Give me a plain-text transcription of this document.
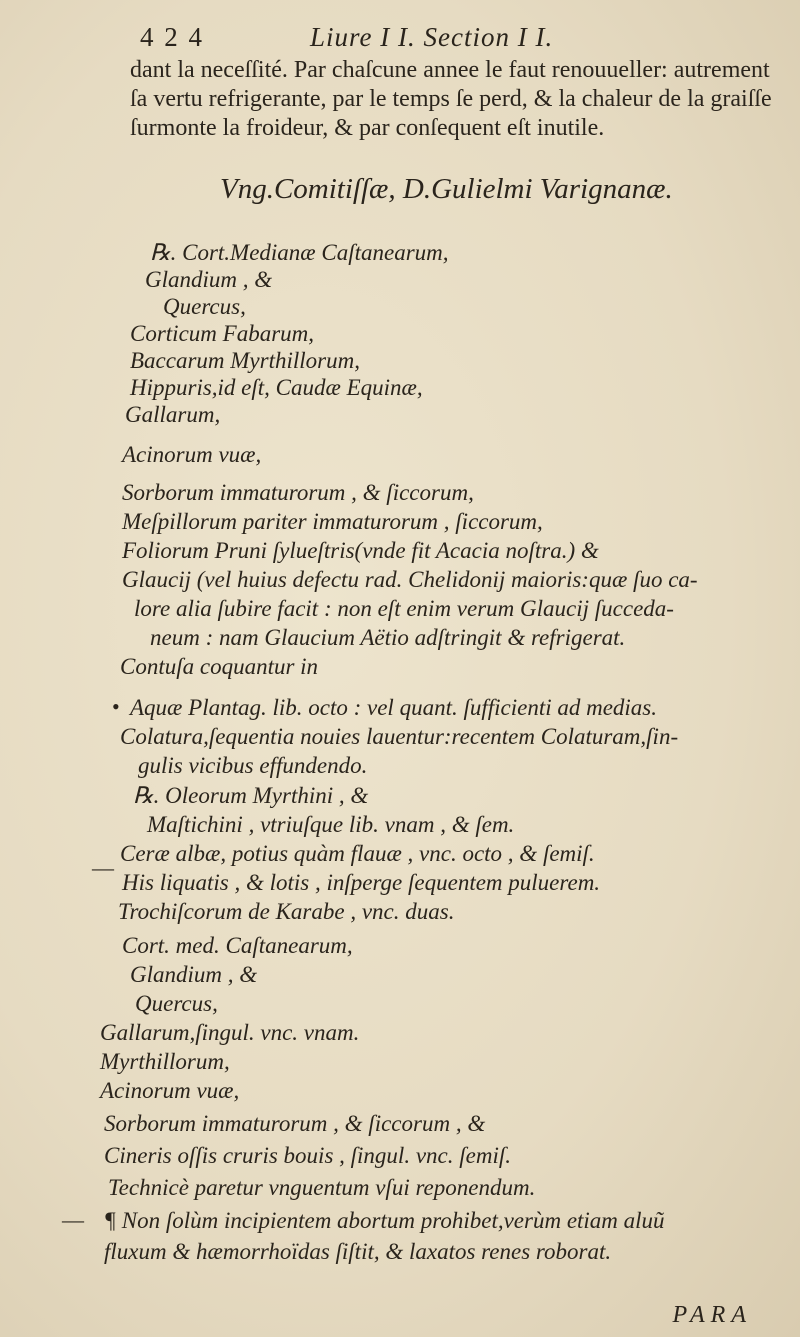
4 2 4	Liure I I. Section I I.

dant la neceſſité. Par chaſcune annee le faut renouueller: autrement ſa vertu refrigerante, par le temps ſe perd, & la chaleur de la graiſſe ſurmonte la froideur, & par conſequent eſt inutile.

Vng.Comitiſſæ, D.Gulielmi Varignanæ.
℞. Cort.Medianæ Caſtanearum,
Glandium , &
Quercus,
Corticum Fabarum,
Baccarum Myrthillorum,
Hippuris,id eſt, Caudæ Equinæ,
Gallarum,
Acinorum vuæ,
Sorborum immaturorum , & ſiccorum,
Meſpillorum pariter immaturorum , ſiccorum,
Foliorum Pruni ſylueſtris(vnde fit Acacia noſtra.) &
Glaucij (vel huius defectu rad. Chelidonij maioris:quæ ſuo ca-
lore alia ſubire facit : non eſt enim verum Glaucij ſucceda-
neum : nam Glaucium Aëtio adſtringit & refrigerat.
Contuſa coquantur in
Aquæ Plantag. lib. octo : vel quant. ſufficienti ad medias.
Colatura,ſequentia nouies lauentur:recentem Colaturam,ſin-
gulis vicibus effundendo.
℞. Oleorum Myrthini , &
Maſtichini , vtriuſque lib. vnam , & ſem.
Ceræ albæ, potius quàm flauæ , vnc. octo , & ſemiſ.
His liquatis , & lotis , inſperge ſequentem puluerem.
Trochiſcorum de Karabe , vnc. duas.
Cort. med. Caſtanearum,
Glandium , &
Quercus,
Gallarum,ſingul. vnc. vnam.
Myrthillorum,
Acinorum vuæ,
Sorborum immaturorum , & ſiccorum , &
Cineris oſſis cruris bouis , ſingul. vnc. ſemiſ.
Technicè paretur vnguentum vſui reponendum.
¶ Non ſolùm incipientem abortum prohibet,verùm etiam aluũ
fluxum & hæmorrhoïdas ſiſtit, & laxatos renes roborat.
•
—
—
PARA
